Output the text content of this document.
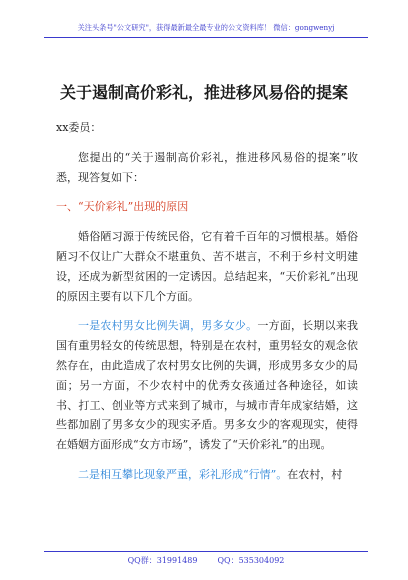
关注头条号"公文研究"，获得最新最全最专业的公文资料库！ 微信：gongwenyj
关于遏制高价彩礼，推进移风易俗的提案

xx委员：

您提出的“关于遏制高价彩礼，推进移风易俗的提案”收悉，现答复如下：

一、“天价彩礼”出现的原因

婚俗陋习源于传统民俗，它有着千百年的习惯根基。婚俗陋习不仅让广大群众不堪重负、苦不堪言，不利于乡村文明建设，还成为新型贫困的一定诱因。总结起来，“天价彩礼”出现的原因主要有以下几个方面。

一是农村男女比例失调，男多女少。一方面，长期以来我国有重男轻女的传统思想，特别是在农村，重男轻女的观念依然存在，由此造成了农村男女比例的失调，形成男多女少的局面；另一方面，不少农村中的优秀女孩通过各种途径，如读书、打工、创业等方式来到了城市，与城市青年成家结婚，这些都加剧了男多女少的现实矛盾。男多女少的客观现实，使得在婚姻方面形成“女方市场”，诱发了“天价彩礼”的出现。

二是相互攀比现象严重，彩礼形成“行情”。在农村，村

QQ群：31991489	QQ：535304092
